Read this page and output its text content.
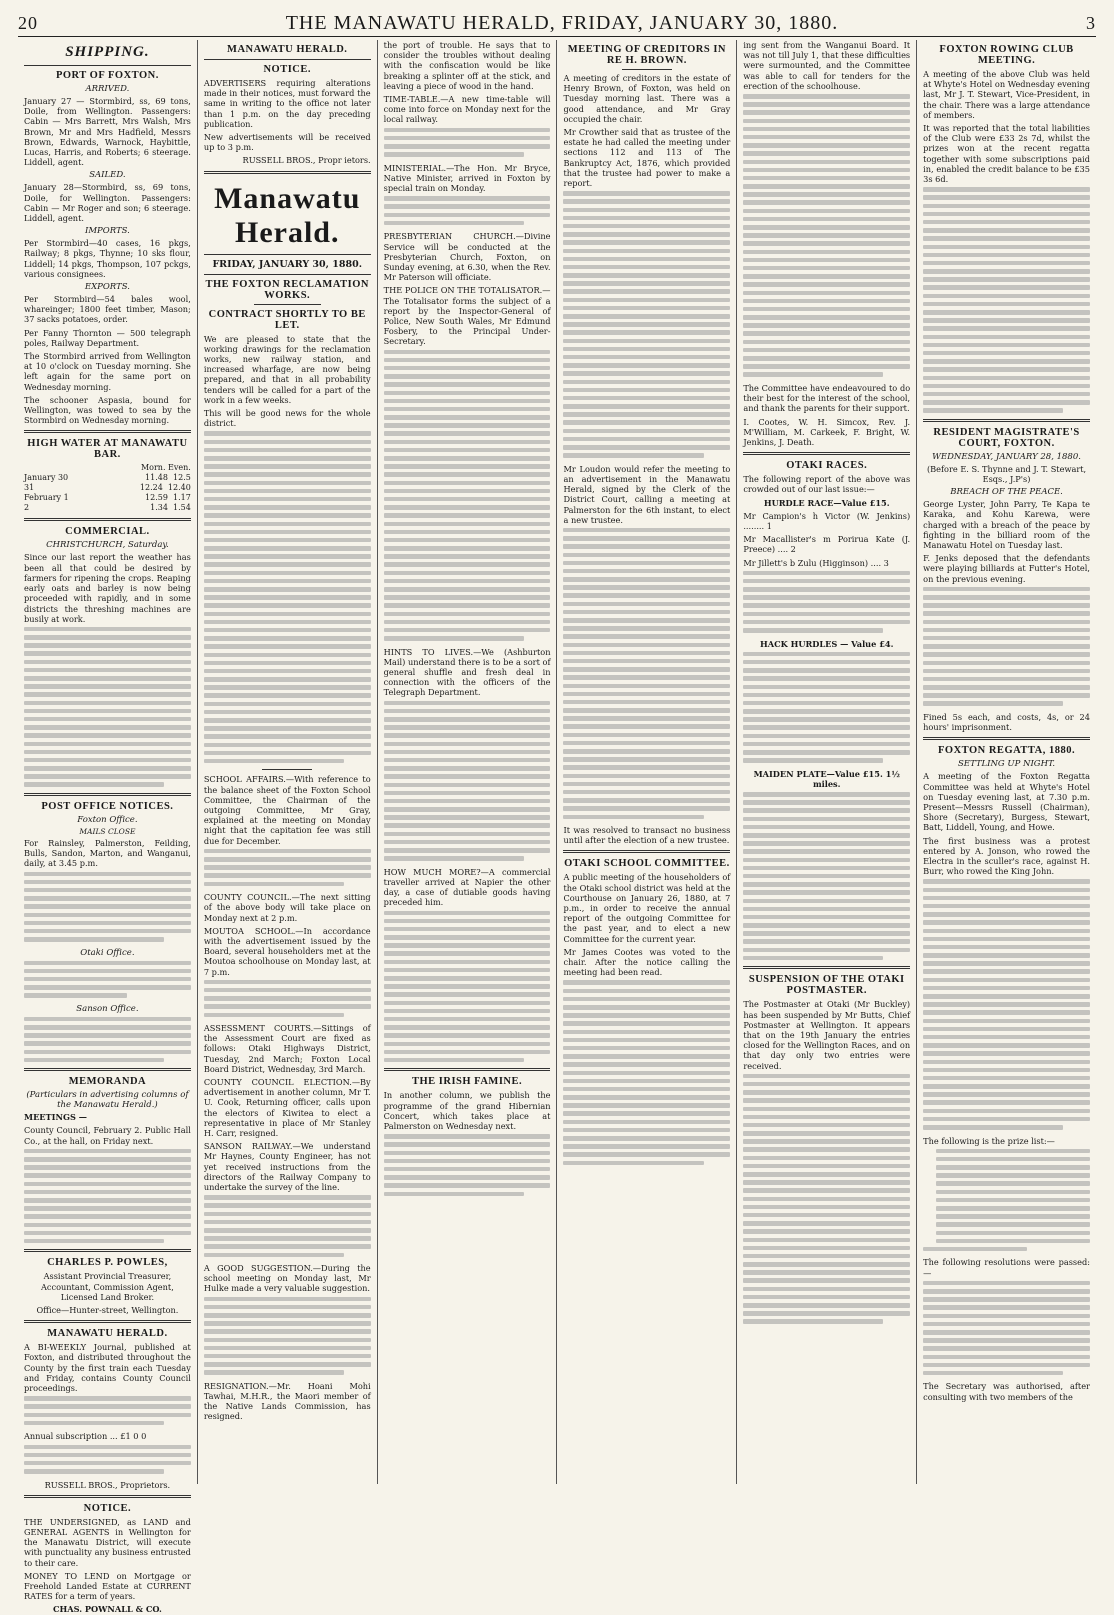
20	THE MANAWATU HERALD, FRIDAY, JANUARY 30, 1880.	3
SHIPPING.
PORT OF FOXTON.
ARRIVED.

January 27 — Stormbird, ss, 69 tons, Doile, from Wellington. Passengers: Cabin — Mrs Barrett, Mrs Walsh, Mrs Brown, Mr and Mrs Hadfield, Messrs Brown, Edwards, Warnock, Haybittle, Lucas, Harris, and Roberts; 6 steerage. Liddell, agent.

SAILED.

January 28—Stormbird, ss, 69 tons, Doile, for Wellington. Passengers: Cabin — Mr Roger and son; 6 steerage. Liddell, agent.

IMPORTS.

Per Stormbird—40 cases, 16 pkgs, Railway; 8 pkgs, Thynne; 10 sks flour, Liddell; 14 pkgs, Thompson, 107 pckgs, various consignees.

EXPORTS.

Per Stormbird—54 bales wool, whareinger; 1800 feet timber, Mason; 37 sacks potatoes, order.

Per Fanny Thornton — 500 telegraph poles, Railway Department.

The Stormbird arrived from Wellington at 10 o'clock on Tuesday morning. She left again for the same port on Wednesday morning.

The schooner Aspasia, bound for Wellington, was towed to sea by the Stormbird on Wednesday morning.

HIGH WATER AT MANAWATU BAR.
Morn. Even.
January 30	11.48 12.5
31	12.24 12.40
February 1	12.59 1.17
2	1.34 1.54
COMMERCIAL.
CHRISTCHURCH, Saturday.

Since our last report the weather has been all that could be desired by farmers for ripening the crops. Reaping early oats and barley is now being proceeded with rapidly, and in some districts the threshing machines are busily at work.

POST OFFICE NOTICES.
Foxton Office.
MAILS CLOSE

For Rainsley, Palmerston, Feilding, Bulls, Sandon, Marton, and Wanganui, daily, at 3.45 p.m.

Otaki Office.
Sanson Office.
MEMORANDA
(Particulars in advertising columns of the Manawatu Herald.)

MEETINGS —

County Council, February 2. Public Hall Co., at the hall, on Friday next.

CHARLES P. POWLES,

Assistant Provincial Treasurer, Accountant, Commission Agent, Licensed Land Broker.

Office—Hunter-street, Wellington.

MANAWATU HERALD.

A BI-WEEKLY Journal, published at Foxton, and distributed throughout the County by the first train each Tuesday and Friday, contains County Council proceedings.

Annual subscription ... £1 0 0

RUSSELL BROS., Proprietors.

NOTICE.

THE UNDERSIGNED, as LAND and GENERAL AGENTS in Wellington for the Manawatu District, will execute with punctuality any business entrusted to their care.

MONEY TO LEND on Mortgage or Freehold Landed Estate at CURRENT RATES for a term of years.

CHAS. POWNALL & CO.

MANAWATU HERALD.
NOTICE.

ADVERTISERS requiring alterations made in their notices, must forward the same in writing to the office not later than 1 p.m. on the day preceding publication.

New advertisements will be received up to 3 p.m.

RUSSELL BROS., Propr ietors.

Manawatu Herald.
FRIDAY, JANUARY 30, 1880.
THE FOXTON RECLAMATION WORKS.
CONTRACT SHORTLY TO BE LET.

We are pleased to state that the working drawings for the reclamation works, new railway station, and increased wharfage, are now being prepared, and that in all probability tenders will be called for a part of the work in a few weeks.

This will be good news for the whole district.

SCHOOL AFFAIRS.—With reference to the balance sheet of the Foxton School Committee, the Chairman of the outgoing Committee, Mr Gray, explained at the meeting on Monday night that the capitation fee was still due for December.

COUNTY COUNCIL.—The next sitting of the above body will take place on Monday next at 2 p.m.

MOUTOA SCHOOL.—In accordance with the advertisement issued by the Board, several householders met at the Moutoa schoolhouse on Monday last, at 7 p.m.

ASSESSMENT COURTS.—Sittings of the Assessment Court are fixed as follows: Otaki Highways District, Tuesday, 2nd March; Foxton Local Board District, Wednesday, 3rd March.

COUNTY COUNCIL ELECTION.—By advertisement in another column, Mr T. U. Cook, Returning officer, calls upon the electors of Kiwitea to elect a representative in place of Mr Stanley H. Carr, resigned.

SANSON RAILWAY.—We understand Mr Haynes, County Engineer, has not yet received instructions from the directors of the Railway Company to undertake the survey of the line.

A GOOD SUGGESTION.—During the school meeting on Monday last, Mr Hulke made a very valuable suggestion.

RESIGNATION.—Mr. Hoani Mohi Tawhai, M.H.R., the Maori member of the Native Lands Commission, has resigned.

the port of trouble. He says that to consider the troubles without dealing with the confiscation would be like breaking a splinter off at the stick, and leaving a piece of wood in the hand.

TIME-TABLE.—A new time-table will come into force on Monday next for the local railway.

MINISTERIAL.—The Hon. Mr Bryce, Native Minister, arrived in Foxton by special train on Monday.

PRESBYTERIAN CHURCH.—Divine Service will be conducted at the Presbyterian Church, Foxton, on Sunday evening, at 6.30, when the Rev. Mr Paterson will officiate.

THE POLICE ON THE TOTALISATOR.—The Totalisator forms the subject of a report by the Inspector-General of Police, New South Wales, Mr Edmund Fosbery, to the Principal Under-Secretary.

HINTS TO LIVES.—We (Ashburton Mail) understand there is to be a sort of general shuffle and fresh deal in connection with the officers of the Telegraph Department.

HOW MUCH MORE?—A commercial traveller arrived at Napier the other day, a case of dutiable goods having preceded him.

THE IRISH FAMINE.

In another column, we publish the programme of the grand Hibernian Concert, which takes place at Palmerston on Wednesday next.

MEETING OF CREDITORS IN RE H. BROWN.

A meeting of creditors in the estate of Henry Brown, of Foxton, was held on Tuesday morning last. There was a good attendance, and Mr Gray occupied the chair.

Mr Crowther said that as trustee of the estate he had called the meeting under sections 112 and 113 of The Bankruptcy Act, 1876, which provided that the trustee had power to make a report.

Mr Loudon would refer the meeting to an advertisement in the Manawatu Herald, signed by the Clerk of the District Court, calling a meeting at Palmerston for the 6th instant, to elect a new trustee.

It was resolved to transact no business until after the election of a new trustee.

OTAKI SCHOOL COMMITTEE.

A public meeting of the householders of the Otaki school district was held at the Courthouse on January 26, 1880, at 7 p.m., in order to receive the annual report of the outgoing Committee for the past year, and to elect a new Committee for the current year.

Mr James Cootes was voted to the chair. After the notice calling the meeting had been read.

ing sent from the Wanganui Board. It was not till July 1, that these difficulties were surmounted, and the Committee was able to call for tenders for the erection of the schoolhouse.

The Committee have endeavoured to do their best for the interest of the school, and thank the parents for their support.

I. Cootes, W. H. Simcox, Rev. J. M'William, M. Carkeek, F. Bright, W. Jenkins, J. Death.

OTAKI RACES.

The following report of the above was crowded out of our last issue:—

HURDLE RACE—Value £15.

Mr Campion's h Victor (W. Jenkins) ........ 1

Mr Macallister's m Porirua Kate (J. Preece) .... 2

Mr Jillett's b Zulu (Higginson) .... 3

HACK HURDLES — Value £4.

MAIDEN PLATE—Value £15. 1½ miles.

SUSPENSION OF THE OTAKI POSTMASTER.

The Postmaster at Otaki (Mr Buckley) has been suspended by Mr Butts, Chief Postmaster at Wellington. It appears that on the 19th January the entries closed for the Wellington Races, and on that day only two entries were received.

FOXTON ROWING CLUB MEETING.

A meeting of the above Club was held at Whyte's Hotel on Wednesday evening last, Mr J. T. Stewart, Vice-President, in the chair. There was a large attendance of members.

It was reported that the total liabilities of the Club were £33 2s 7d, whilst the prizes won at the recent regatta together with some subscriptions paid in, enabled the credit balance to be £35 3s 6d.

RESIDENT MAGISTRATE'S COURT, FOXTON.
WEDNESDAY, JANUARY 28, 1880.

(Before E. S. Thynne and J. T. Stewart, Esqs., J.P's)

BREACH OF THE PEACE.

George Lyster, John Parry, Te Kapa te Karaka, and Kohu Karewa, were charged with a breach of the peace by fighting in the billiard room of the Manawatu Hotel on Tuesday last.

F. Jenks deposed that the defendants were playing billiards at Futter's Hotel, on the previous evening.

Fined 5s each, and costs, 4s, or 24 hours' imprisonment.

FOXTON REGATTA, 1880.
SETTLING UP NIGHT.

A meeting of the Foxton Regatta Committee was held at Whyte's Hotel on Tuesday evening last, at 7.30 p.m. Present—Messrs Russell (Chairman), Shore (Secretary), Burgess, Stewart, Batt, Liddell, Young, and Howe.

The first business was a protest entered by A. Jonson, who rowed the Electra in the sculler's race, against H. Burr, who rowed the King John.

The following is the prize list:—

The following resolutions were passed:—

The Secretary was authorised, after consulting with two members of the
